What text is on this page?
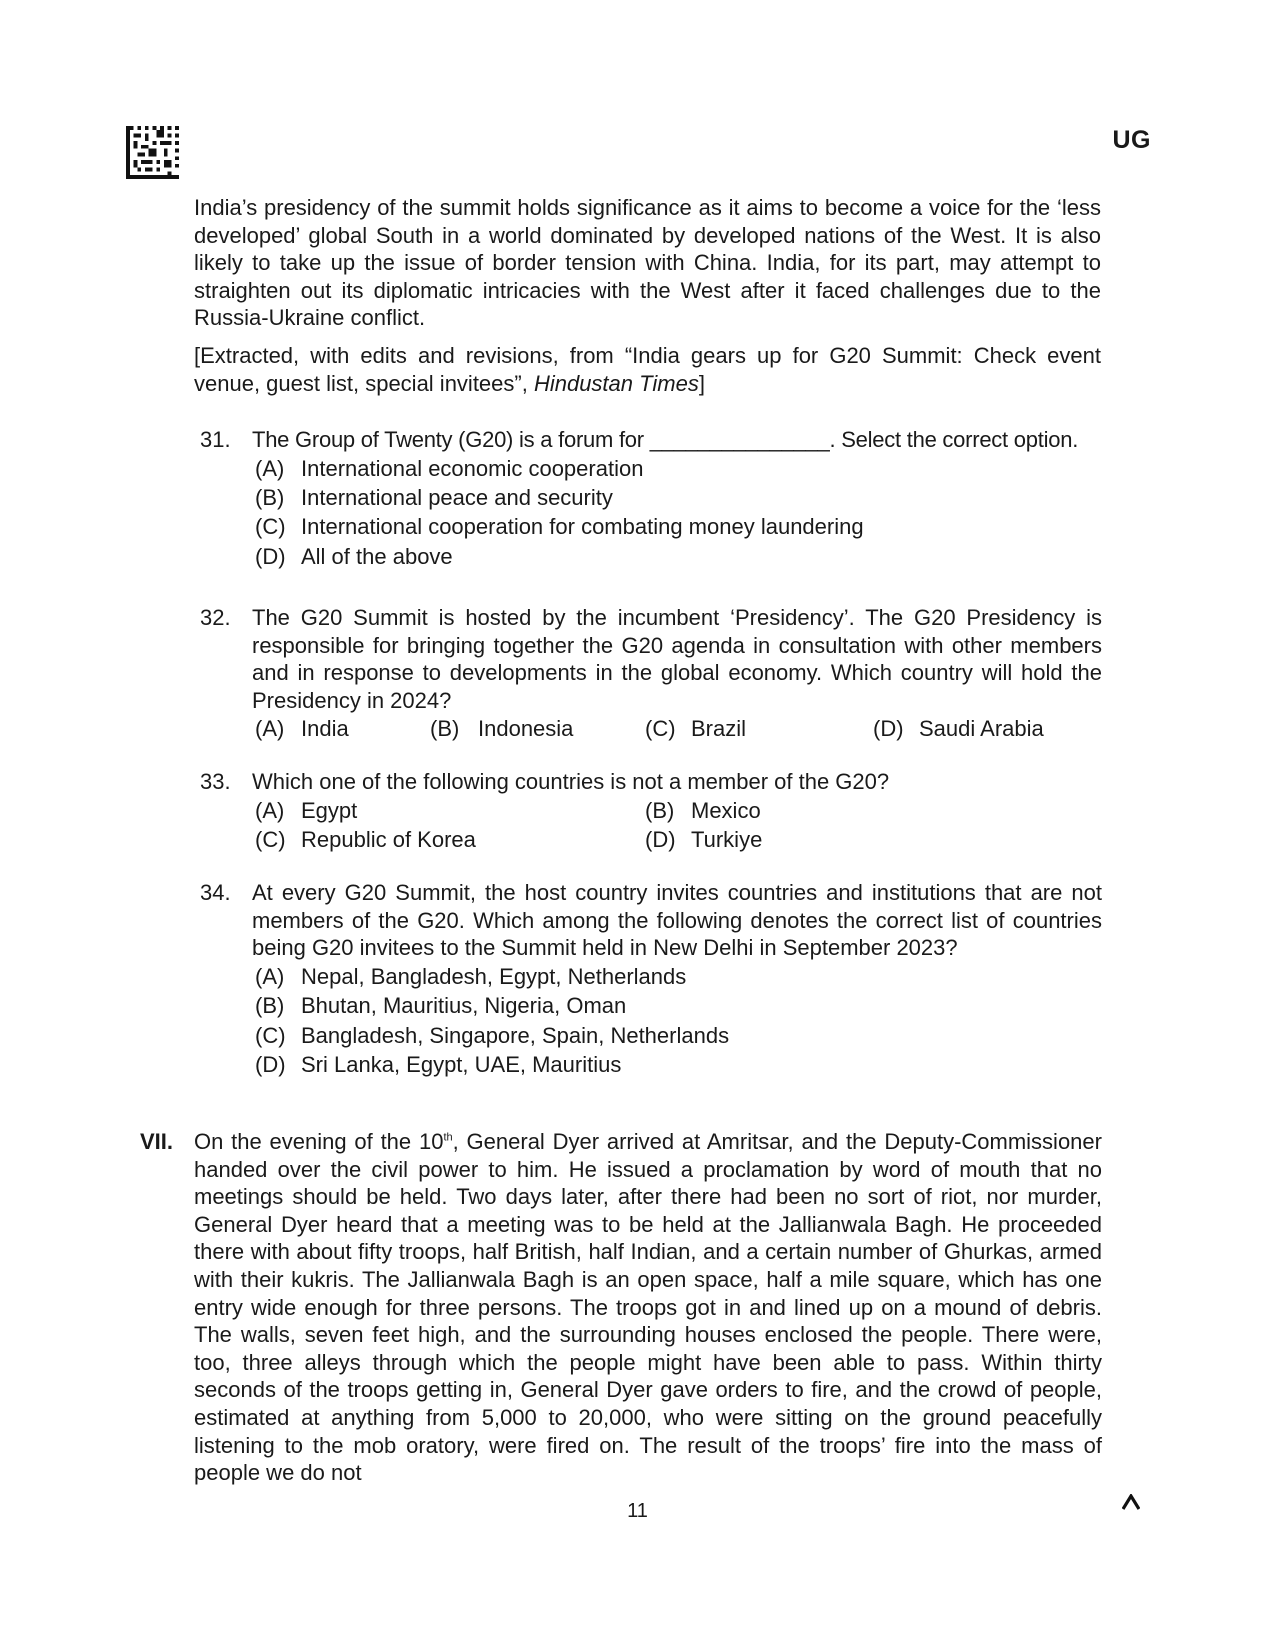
UG

India’s presidency of the summit holds significance as it aims to become a voice for the ‘less developed’ global South in a world dominated by developed nations of the West. It is also likely to take up the issue of border tension with China. India, for its part, may attempt to straighten out its diplomatic intricacies with the West after it faced challenges due to the Russia-Ukraine conflict.

[Extracted, with edits and revisions, from “India gears up for G20 Summit: Check event venue, guest list, special invitees”, Hindustan Times]

31. The Group of Twenty (G20) is a forum for _______________. Select the correct option.
(A) International economic cooperation
(B) International peace and security
(C) International cooperation for combating money laundering
(D) All of the above
32. The G20 Summit is hosted by the incumbent ‘Presidency’. The G20 Presidency is responsible for bringing together the G20 agenda in consultation with other members and in response to developments in the global economy. Which country will hold the Presidency in 2024?
(A) India	(B) Indonesia	(C) Brazil	(D) Saudi Arabia
33. Which one of the following countries is not a member of the G20?
(A) Egypt	(B) Mexico
(C) Republic of Korea	(D) Turkiye
34. At every G20 Summit, the host country invites countries and institutions that are not members of the G20. Which among the following denotes the correct list of countries being G20 invitees to the Summit held in New Delhi in September 2023?
(A) Nepal, Bangladesh, Egypt, Netherlands
(B) Bhutan, Mauritius, Nigeria, Oman
(C) Bangladesh, Singapore, Spain, Netherlands
(D) Sri Lanka, Egypt, UAE, Mauritius
VII. On the evening of the 10th, General Dyer arrived at Amritsar, and the Deputy-Commissioner handed over the civil power to him. He issued a proclamation by word of mouth that no meetings should be held. Two days later, after there had been no sort of riot, nor murder, General Dyer heard that a meeting was to be held at the Jallianwala Bagh. He proceeded there with about fifty troops, half British, half Indian, and a certain number of Ghurkas, armed with their kukris. The Jallianwala Bagh is an open space, half a mile square, which has one entry wide enough for three persons. The troops got in and lined up on a mound of debris. The walls, seven feet high, and the surrounding houses enclosed the people. There were, too, three alleys through which the people might have been able to pass. Within thirty seconds of the troops getting in, General Dyer gave orders to fire, and the crowd of people, estimated at anything from 5,000 to 20,000, who were sitting on the ground peacefully listening to the mob oratory, were fired on. The result of the troops’ fire into the mass of people we do not
11
